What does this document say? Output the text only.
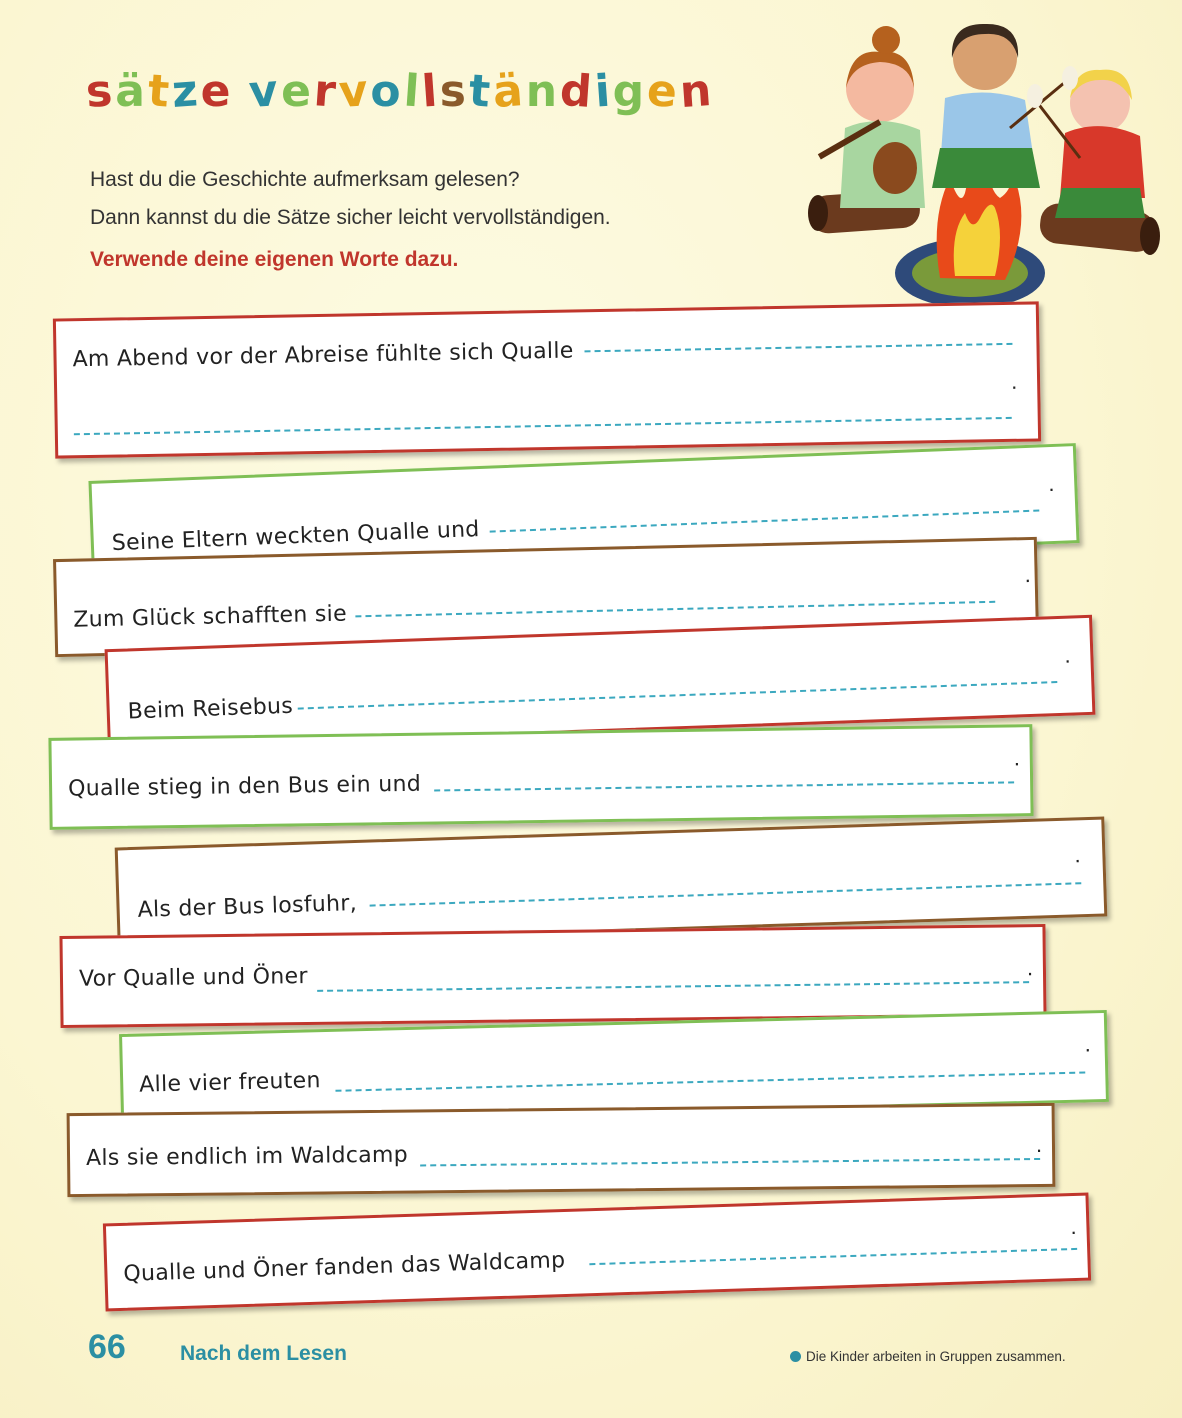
sätze vervollständigen
Hast du die Geschichte aufmerksam gelesen?
Dann kannst du die Sätze sicher leicht vervollständigen.
Verwende deine eigenen Worte dazu.
Am Abend vor der Abreise fühlte sich Qualle
.
Seine Eltern weckten Qualle und
.
Zum Glück schafften sie
.
Beim Reisebus
.
Qualle stieg in den Bus ein und
.
Als der Bus losfuhr,
.
Vor Qualle und Öner	.
Alle vier freuten
.
Als sie endlich im Waldcamp	.
Qualle und Öner fanden das Waldcamp
.
66	Nach dem Lesen	Die Kinder arbeiten in Gruppen zusammen.
